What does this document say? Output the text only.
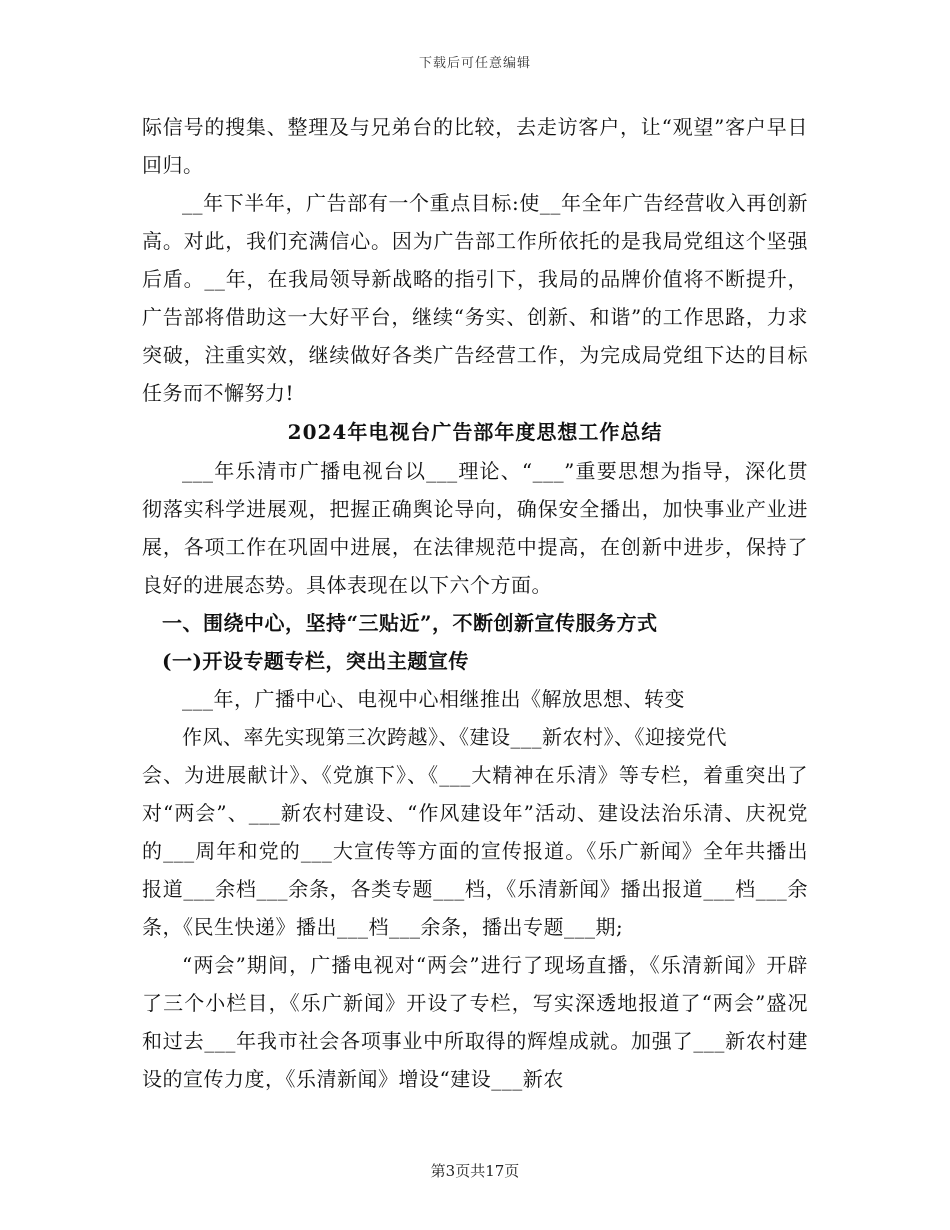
下载后可任意编辑

际信号的搜集、整理及与兄弟台的比较，去走访客户，让“观望”客户早日回归。

__年下半年，广告部有一个重点目标:使__年全年广告经营收入再创新高。对此，我们充满信心。因为广告部工作所依托的是我局党组这个坚强后盾。__年，在我局领导新战略的指引下，我局的品牌价值将不断提升，广告部将借助这一大好平台，继续“务实、创新、和谐”的工作思路，力求突破，注重实效，继续做好各类广告经营工作，为完成局党组下达的目标任务而不懈努力!

2024年电视台广告部年度思想工作总结

___年乐清市广播电视台以___理论、“___”重要思想为指导，深化贯彻落实科学进展观，把握正确舆论导向，确保安全播出，加快事业产业进展，各项工作在巩固中进展，在法律规范中提高，在创新中进步，保持了良好的进展态势。具体表现在以下六个方面。

一、围绕中心，坚持“三贴近”，不断创新宣传服务方式

(一)开设专题专栏，突出主题宣传

___年，广播中心、电视中心相继推出《解放思想、转变

作风、率先实现第三次跨越》、《建设___新农村》、《迎接党代

会、为进展献计》、《党旗下》、《___大精神在乐清》等专栏，着重突出了对“两会”、___新农村建设、“作风建设年”活动、建设法治乐清、庆祝党的___周年和党的___大宣传等方面的宣传报道。《乐广新闻》全年共播出报道___余档___余条，各类专题___档，《乐清新闻》播出报道___档___余条，《民生快递》播出___档___余条，播出专题___期;

“两会”期间，广播电视对“两会”进行了现场直播，《乐清新闻》开辟了三个小栏目，《乐广新闻》开设了专栏，写实深透地报道了“两会”盛况和过去___年我市社会各项事业中所取得的辉煌成就。加强了___新农村建设的宣传力度，《乐清新闻》增设“建设___新农

第3页共17页
